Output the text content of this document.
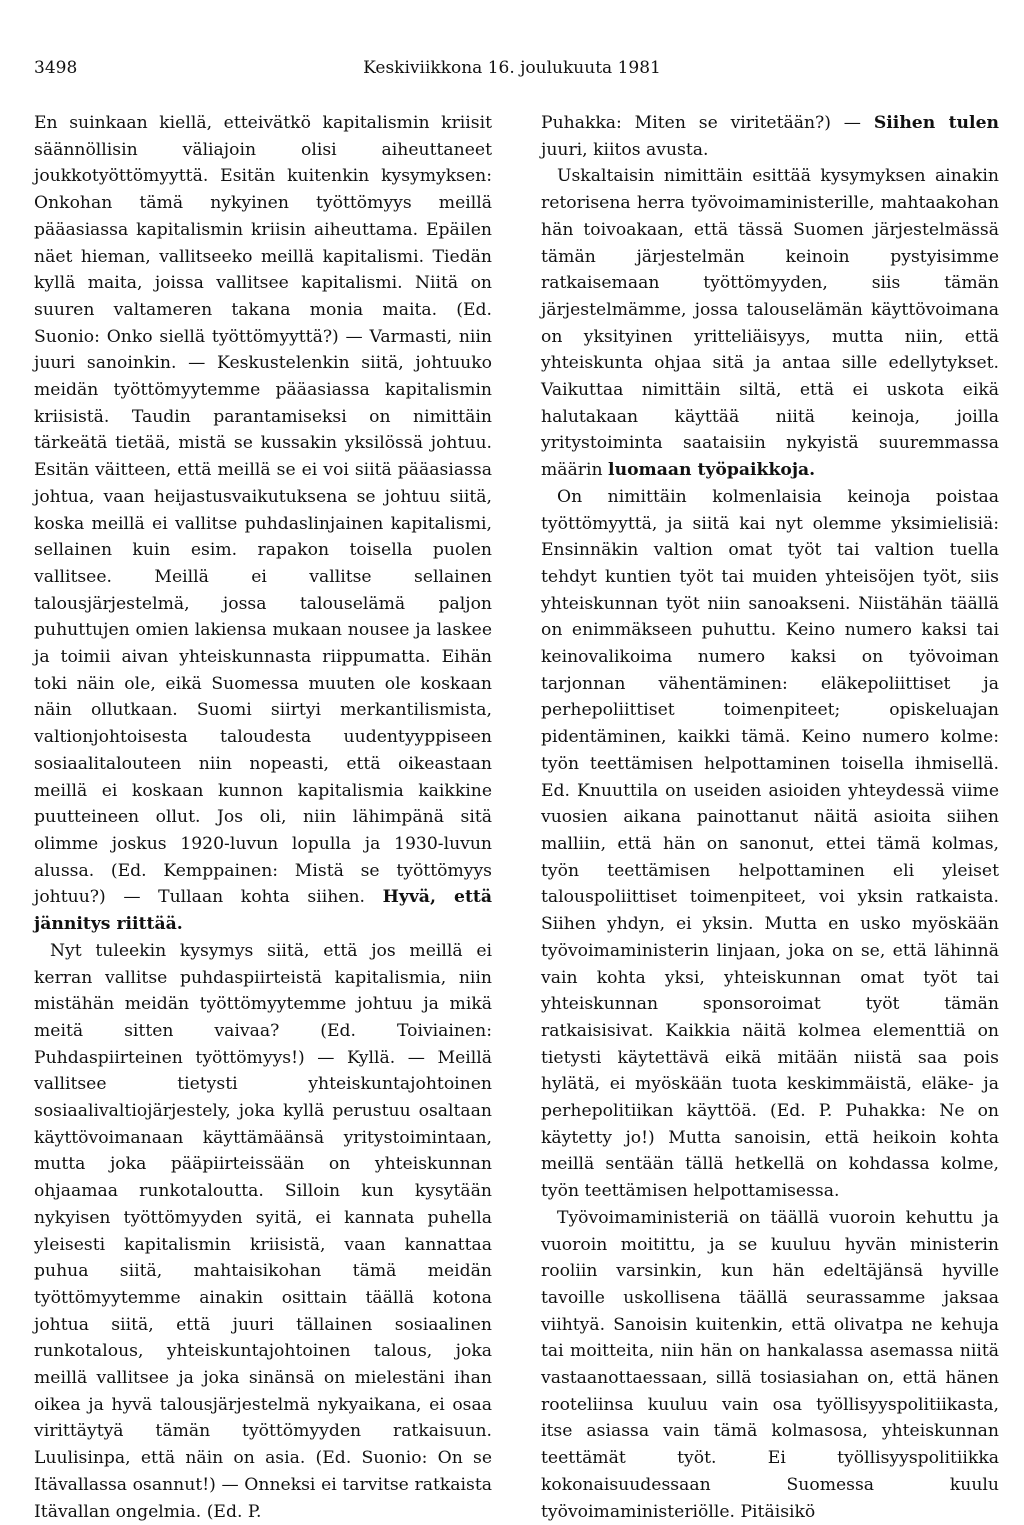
3498	Keskiviikkona 16. joulukuuta 1981

En suinkaan kiellä, etteivätkö kapitalismin kriisit säännöllisin väliajoin olisi aiheuttaneet joukkotyöttömyyttä. Esitän kuitenkin kysymyksen: Onkohan tämä nykyinen työttömyys meillä pääasiassa kapitalismin kriisin aiheuttama. Epäilen näet hieman, vallitseeko meillä kapitalismi. Tiedän kyllä maita, joissa vallitsee kapitalismi. Niitä on suuren valtameren takana monia maita. (Ed. Suonio: Onko siellä työttömyyttä?) — Varmasti, niin juuri sanoinkin. — Keskustelenkin siitä, johtuuko meidän työttömyytemme pääasiassa kapitalismin kriisistä. Taudin parantamiseksi on nimittäin tärkeätä tietää, mistä se kussakin yksilössä johtuu. Esitän väitteen, että meillä se ei voi siitä pääasiassa johtua, vaan heijastusvaikutuksena se johtuu siitä, koska meillä ei vallitse puhdaslinjainen kapitalismi, sellainen kuin esim. rapakon toisella puolen vallitsee. Meillä ei vallitse sellainen talousjärjestelmä, jossa talouselämä paljon puhuttujen omien lakiensa mukaan nousee ja laskee ja toimii aivan yhteiskunnasta riippumatta. Eihän toki näin ole, eikä Suomessa muuten ole koskaan näin ollutkaan. Suomi siirtyi merkantilismista, valtionjohtoisesta taloudesta uudentyyppiseen sosiaalitalouteen niin nopeasti, että oikeastaan meillä ei koskaan kunnon kapitalismia kaikkine puutteineen ollut. Jos oli, niin lähimpänä sitä olimme joskus 1920-luvun lopulla ja 1930-luvun alussa. (Ed. Kemppainen: Mistä se työttömyys johtuu?) — Tullaan kohta siihen. Hyvä, että jännitys riittää.

Nyt tuleekin kysymys siitä, että jos meillä ei kerran vallitse puhdaspiirteistä kapitalismia, niin mistähän meidän työttömyytemme johtuu ja mikä meitä sitten vaivaa? (Ed. Toiviainen: Puhdaspiirteinen työttömyys!) — Kyllä. — Meillä vallitsee tietysti yhteiskuntajohtoinen sosiaalivaltiojärjestely, joka kyllä perustuu osaltaan käyttövoimanaan käyttämäänsä yritystoimintaan, mutta joka pääpiirteissään on yhteiskunnan ohjaamaa runkotaloutta. Silloin kun kysytään nykyisen työttömyyden syitä, ei kannata puhella yleisesti kapitalismin kriisistä, vaan kannattaa puhua siitä, mahtaisikohan tämä meidän työttömyytemme ainakin osittain täällä kotona johtua siitä, että juuri tällainen sosiaalinen runkotalous, yhteiskuntajohtoinen talous, joka meillä vallitsee ja joka sinänsä on mielestäni ihan oikea ja hyvä talousjärjestelmä nykyaikana, ei osaa virittäytyä tämän työttömyyden ratkaisuun. Luulisinpa, että näin on asia. (Ed. Suonio: On se Itävallassa osannut!) — Onneksi ei tarvitse ratkaista Itävallan ongelmia. (Ed. P.

Puhakka: Miten se viritetään?) — Siihen tulen juuri, kiitos avusta.

Uskaltaisin nimittäin esittää kysymyksen ainakin retorisena herra työvoimaministerille, mahtaakohan hän toivoakaan, että tässä Suomen järjestelmässä tämän järjestelmän keinoin pystyisimme ratkaisemaan työttömyyden, siis tämän järjestelmämme, jossa talouselämän käyttövoimana on yksityinen yritteliäisyys, mutta niin, että yhteiskunta ohjaa sitä ja antaa sille edellytykset. Vaikuttaa nimittäin siltä, että ei uskota eikä halutakaan käyttää niitä keinoja, joilla yritystoiminta saataisiin nykyistä suuremmassa määrin luomaan työpaikkoja.

On nimittäin kolmenlaisia keinoja poistaa työttömyyttä, ja siitä kai nyt olemme yksimielisiä: Ensinnäkin valtion omat työt tai valtion tuella tehdyt kuntien työt tai muiden yhteisöjen työt, siis yhteiskunnan työt niin sanoakseni. Niistähän täällä on enimmäkseen puhuttu. Keino numero kaksi tai keinovalikoima numero kaksi on työvoiman tarjonnan vähentäminen: eläkepoliittiset ja perhepoliittiset toimenpiteet; opiskeluajan pidentäminen, kaikki tämä. Keino numero kolme: työn teettämisen helpottaminen toisella ihmisellä. Ed. Knuuttila on useiden asioiden yhteydessä viime vuosien aikana painottanut näitä asioita siihen malliin, että hän on sanonut, ettei tämä kolmas, työn teettämisen helpottaminen eli yleiset talouspoliittiset toimenpiteet, voi yksin ratkaista. Siihen yhdyn, ei yksin. Mutta en usko myöskään työvoimaministerin linjaan, joka on se, että lähinnä vain kohta yksi, yhteiskunnan omat työt tai yhteiskunnan sponsoroimat työt tämän ratkaisisivat. Kaikkia näitä kolmea elementtiä on tietysti käytettävä eikä mitään niistä saa pois hylätä, ei myöskään tuota keskimmäistä, eläke- ja perhepolitiikan käyttöä. (Ed. P. Puhakka: Ne on käytetty jo!) Mutta sanoisin, että heikoin kohta meillä sentään tällä hetkellä on kohdassa kolme, työn teettämisen helpottamisessa.

Työvoimaministeriä on täällä vuoroin kehuttu ja vuoroin moitittu, ja se kuuluu hyvän ministerin rooliin varsinkin, kun hän edeltäjänsä hyville tavoille uskollisena täällä seurassamme jaksaa viihtyä. Sanoisin kuitenkin, että olivatpa ne kehuja tai moitteita, niin hän on hankalassa asemassa niitä vastaanottaessaan, sillä tosiasiahan on, että hänen rooteliinsa kuuluu vain osa työllisyyspolitiikasta, itse asiassa vain tämä kolmasosa, yhteiskunnan teettämät työt. Ei työllisyyspolitiikka kokonaisuudessaan Suomessa kuulu työvoimaministeriölle. Pitäisikö
